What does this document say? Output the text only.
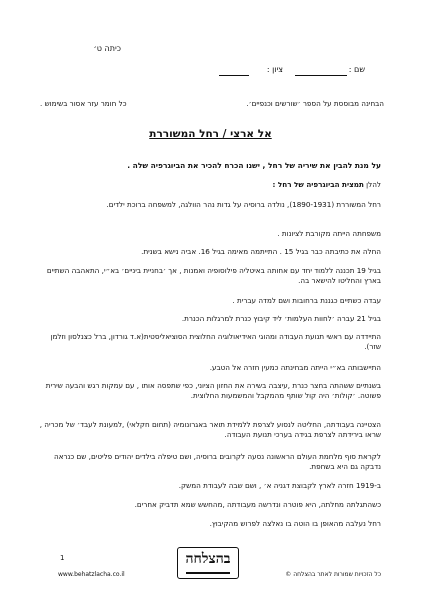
כיתה ט׳
שם :
ציון :
הבחינה מבוססת על הספר ׳שורשים וכנפיים׳.
כל חומר עזר אסור בשימוש .
אל ארצי / רחל המשוררת
על מנת להבין את שיריה של רחל , ישנו הכרח להכיר את הביוגרפיה שלה .
להלן תמצית הביוגרפיה של רחל :

רחל המשוררת (1890-1931), נולדה ברוסיה על גדות נהר הוולגה, למשפחה ברוכת ילדים.

משפחתה הייתה מקורבת לציונות .

החלה את כתיבתה כבר בגיל 15 . התייתמה מאימה בגיל 16. אביה נישא בשנית.

בגיל 19 תכננה ללמוד יחד עם אחותה באיטליה פילוסופיה ואמנות , אך ׳בחניית ביניים׳ בא״י, התאהבה השתיים בארץ והחליטו להישאר בה.

עבדה כשתיים כגננת ברחובות ושם למדה עברית .

בגיל 21 עברה ׳לחוות העלמות׳ ליד קיבוץ כנרת למרגלות הכנרת.

התיידדה עם ראשי תנועת העבודה ומהוגי האידיאולוגיה החלוצית הסוציאליסטית(א.ד גורדון, ברל כצנלסון וזלמן שזר).

התיישבותה בא״י הייתה מבחינתה כמעין חזרה אל הטבע.

בשנתיים ששהתה בחצר כנרת ,עיצבה בשירה את החזון הציוני, כפי שתפסה אותו , עם עמקות רגש והבעה שירית פשוטה. ׳קולות׳ היה קול שותף מהמקבל והמשמעות החלוצית.

הצטיינה בעבודתה, החליטה לנסוע לצרפת ללמידת תואר באגרונומיה (תחום חקלאי) ,למעונת לעבד׳ של מכריה , שראו בירידתה לצרפת בגידה בערכי תנועת העבודה.

לקראת סוף מלחמת העולם הראשונה נסעה לקרובים ברוסיה, ושם טיפלה בילדים יהודים פליטים, שם כנראה נדבקה גם היא בשחפת.

ב-1919 חזרה לארץ לקבוצת דגניה א׳ , ושם שבה לעבודת המשק.

כשהתגלתה מחלתה, היא פוטרה ונדרשה מעבודתה ,מהחשש שמא תדביק אחרים.

רחל נעלבה מהאופן בו הוטה בו נאלצה לפרוש מהקיבוץ.

1	בהצלחה
www.behatzlacha.co.il	כל הזכויות שמורות לאתר בהצלחה ©
